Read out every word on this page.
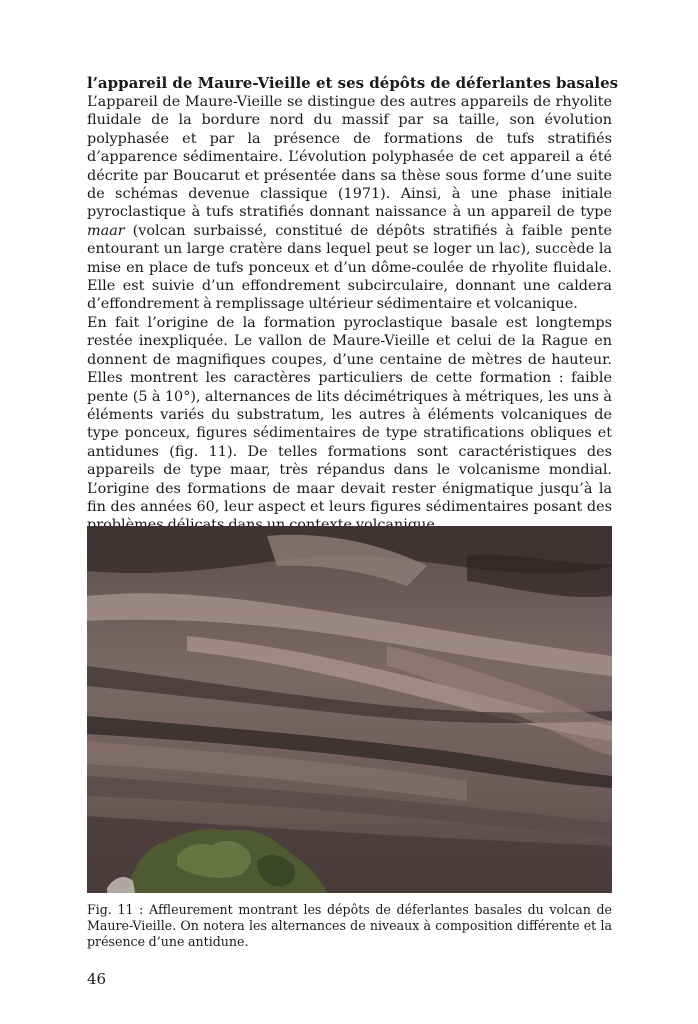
l’appareil de Maure-Vieille et ses dépôts de déferlantes basales

L’appareil de Maure-Vieille se distingue des autres appareils de rhyolite fluidale de la bordure nord du massif par sa taille, son évolution polyphasée et par la présence de formations de tufs stratifiés d’apparence sédimentaire. L’évolution polyphasée de cet appareil a été décrite par Boucarut et présentée dans sa thèse sous forme d’une suite de schémas devenue classique (1971). Ainsi, à une phase initiale pyroclastique à tufs stratifiés donnant naissance à un appareil de type maar (volcan surbaissé, constitué de dépôts stratifiés à faible pente entourant un large cratère dans lequel peut se loger un lac), succède la mise en place de tufs ponceux et d’un dôme-coulée de rhyolite fluidale. Elle est suivie d’un effondrement subcirculaire, donnant une caldera d’effondrement à remplissage ultérieur sédimentaire et volcanique.

En fait l’origine de la formation pyroclastique basale est longtemps restée inexpliquée. Le vallon de Maure-Vieille et celui de la Rague en donnent de magnifiques coupes, d’une centaine de mètres de hauteur. Elles montrent les caractères particuliers de cette formation : faible pente (5 à 10°), alternances de lits décimétriques à métriques, les uns à éléments variés du substratum, les autres à éléments volcaniques de type ponceux, figures sédimentaires de type stratifications obliques et antidunes (fig. 11). De telles formations sont caractéristiques des appareils de type maar, très répandus dans le volcanisme mondial. L’origine des formations de maar devait rester énigmatique jusqu’à la fin des années 60, leur aspect et leurs figures sédimentaires posant des

Fig. 11 : Affleurement montrant les dépôts de déferlantes basales du volcan de Maure-Vieille. On notera les alternances de niveaux à composition différente et la présence d’une antidune.
46
